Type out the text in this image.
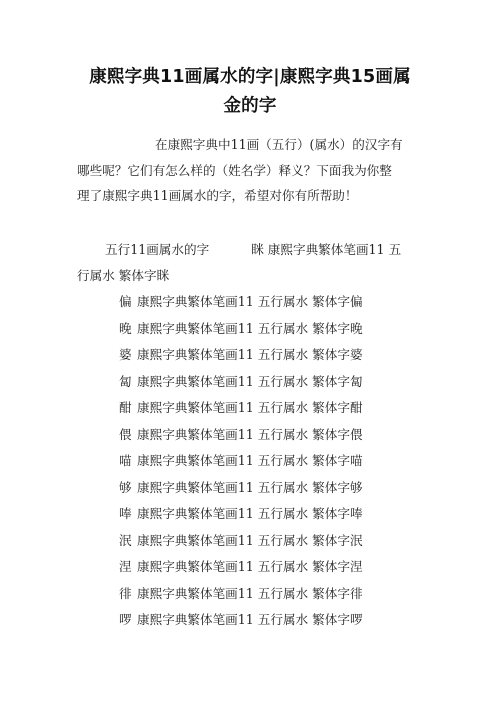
康熙字典11画属水的字|康熙字典15画属
金的字
在康熙字典中11画（五行）(属水）的汉字有
哪些呢？它们有怎么样的（姓名学）释义？下面我为你整
理了康熙字典11画属水的字，希望对你有所帮助！
五行11画属水的字	眯 康熙字典繁体笔画11 五
行属水 繁体字眯
偏 康熙字典繁体笔画11 五行属水 繁体字偏
晚 康熙字典繁体笔画11 五行属水 繁体字晚
婆 康熙字典繁体笔画11 五行属水 繁体字婆
匐 康熙字典繁体笔画11 五行属水 繁体字匐
酣 康熙字典繁体笔画11 五行属水 繁体字酣
偎 康熙字典繁体笔画11 五行属水 繁体字偎
喵 康熙字典繁体笔画11 五行属水 繁体字喵
够 康熙字典繁体笔画11 五行属水 繁体字够
唪 康熙字典繁体笔画11 五行属水 繁体字唪
泯 康熙字典繁体笔画11 五行属水 繁体字泯
涅 康熙字典繁体笔画11 五行属水 繁体字涅
徘 康熙字典繁体笔画11 五行属水 繁体字徘
啰 康熙字典繁体笔画11 五行属水 繁体字啰
